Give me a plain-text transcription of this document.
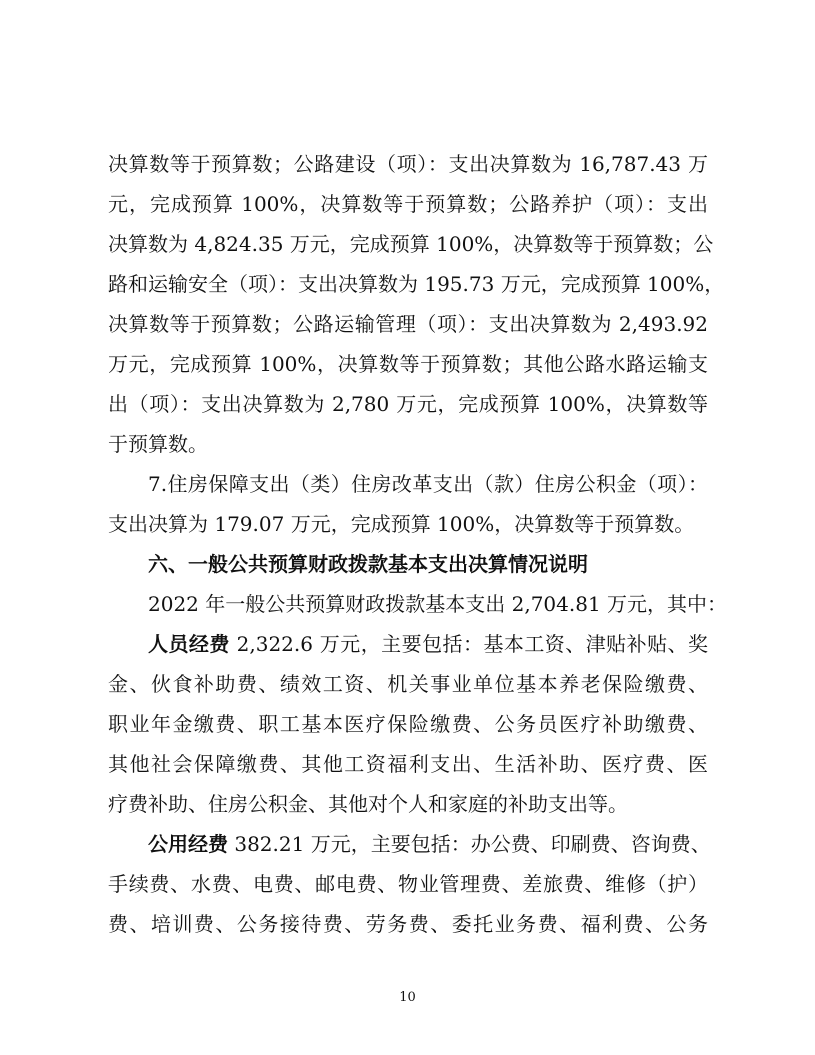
决算数等于预算数；公路建设（项）：支出决算数为 16,787.43 万
元，完成预算 100%，决算数等于预算数；公路养护（项）：支出
决算数为 4,824.35 万元，完成预算 100%，决算数等于预算数；公
路和运输安全（项）：支出决算数为 195.73 万元，完成预算 100%，
决算数等于预算数；公路运输管理（项）：支出决算数为 2,493.92
万元，完成预算 100%，决算数等于预算数；其他公路水路运输支
出（项）：支出决算数为 2,780 万元，完成预算 100%，决算数等
于预算数。
7.住房保障支出（类）住房改革支出（款）住房公积金（项）：
支出决算为 179.07 万元，完成预算 100%，决算数等于预算数。
六、一般公共预算财政拨款基本支出决算情况说明
2022 年一般公共预算财政拨款基本支出 2,704.81 万元，其中：
人员经费 2,322.6 万元，主要包括：基本工资、津贴补贴、奖
金、伙食补助费、绩效工资、机关事业单位基本养老保险缴费、
职业年金缴费、职工基本医疗保险缴费、公务员医疗补助缴费、
其他社会保障缴费、其他工资福利支出、生活补助、医疗费、医
疗费补助、住房公积金、其他对个人和家庭的补助支出等。
公用经费 382.21 万元，主要包括：办公费、印刷费、咨询费、
手续费、水费、电费、邮电费、物业管理费、差旅费、维修（护）
费、培训费、公务接待费、劳务费、委托业务费、福利费、公务
10
